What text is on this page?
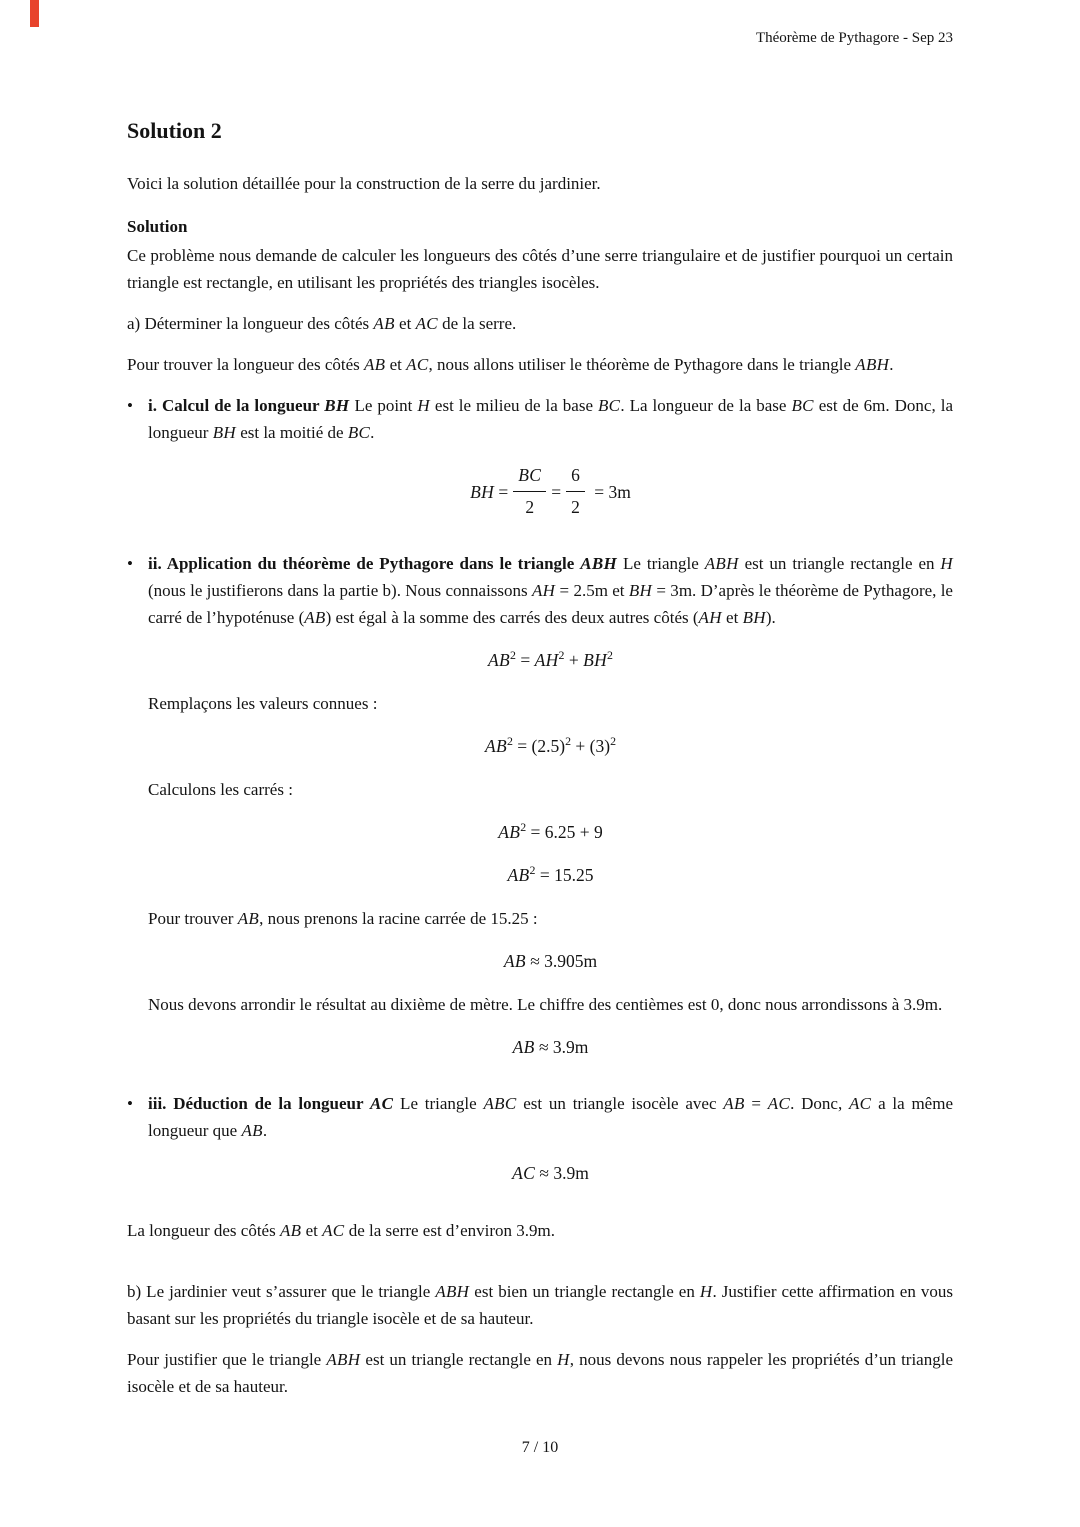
Théorème de Pythagore - Sep 23
Solution 2

Voici la solution détaillée pour la construction de la serre du jardinier.

Solution

Ce problème nous demande de calculer les longueurs des côtés d’une serre triangulaire et de justifier pourquoi un certain triangle est rectangle, en utilisant les propriétés des triangles isocèles.

a) Déterminer la longueur des côtés AB et AC de la serre.

Pour trouver la longueur des côtés AB et AC, nous allons utiliser le théorème de Pythagore dans le triangle ABH.

• i. Calcul de la longueur BH Le point H est le milieu de la base BC. La longueur de la base BC est de 6m. Donc, la longueur BH est la moitié de BC.

BH = $\frac{BC}{2} = \frac{6}{2} = 3m$
• ii. Application du théorème de Pythagore dans le triangle ABH Le triangle ABH est un triangle rectangle en H (nous le justifierons dans la partie b). Nous connaissons AH = 2.5m et BH = 3m. D’après le théorème de Pythagore, le carré de l’hypoténuse (AB) est égal à la somme des carrés des deux autres côtés (AH et BH).

$AB^2 = AH^2 + BH^2$

Remplaçons les valeurs connues :

$AB^2 = (2.5)^2 + (3)^2$

Calculons les carrés :

$AB^2 = 6.25 + 9$
$AB^2 = 15.25$

Pour trouver AB, nous prenons la racine carrée de 15.25 :

AB ≈ 3.905m

Nous devons arrondir le résultat au dixième de mètre. Le chiffre des centièmes est 0, donc nous arrondissons à 3.9m.

AB ≈ 3.9m
• iii. Déduction de la longueur AC Le triangle ABC est un triangle isocèle avec AB = AC. Donc, AC a la même longueur que AB.

AC ≈ 3.9m

La longueur des côtés AB et AC de la serre est d’environ 3.9m.

b) Le jardinier veut s’assurer que le triangle ABH est bien un triangle rectangle en H. Justifier cette affirmation en vous basant sur les propriétés du triangle isocèle et de sa hauteur.

Pour justifier que le triangle ABH est un triangle rectangle en H, nous devons nous rappeler les propriétés d’un triangle isocèle et de sa hauteur.

7 / 10
